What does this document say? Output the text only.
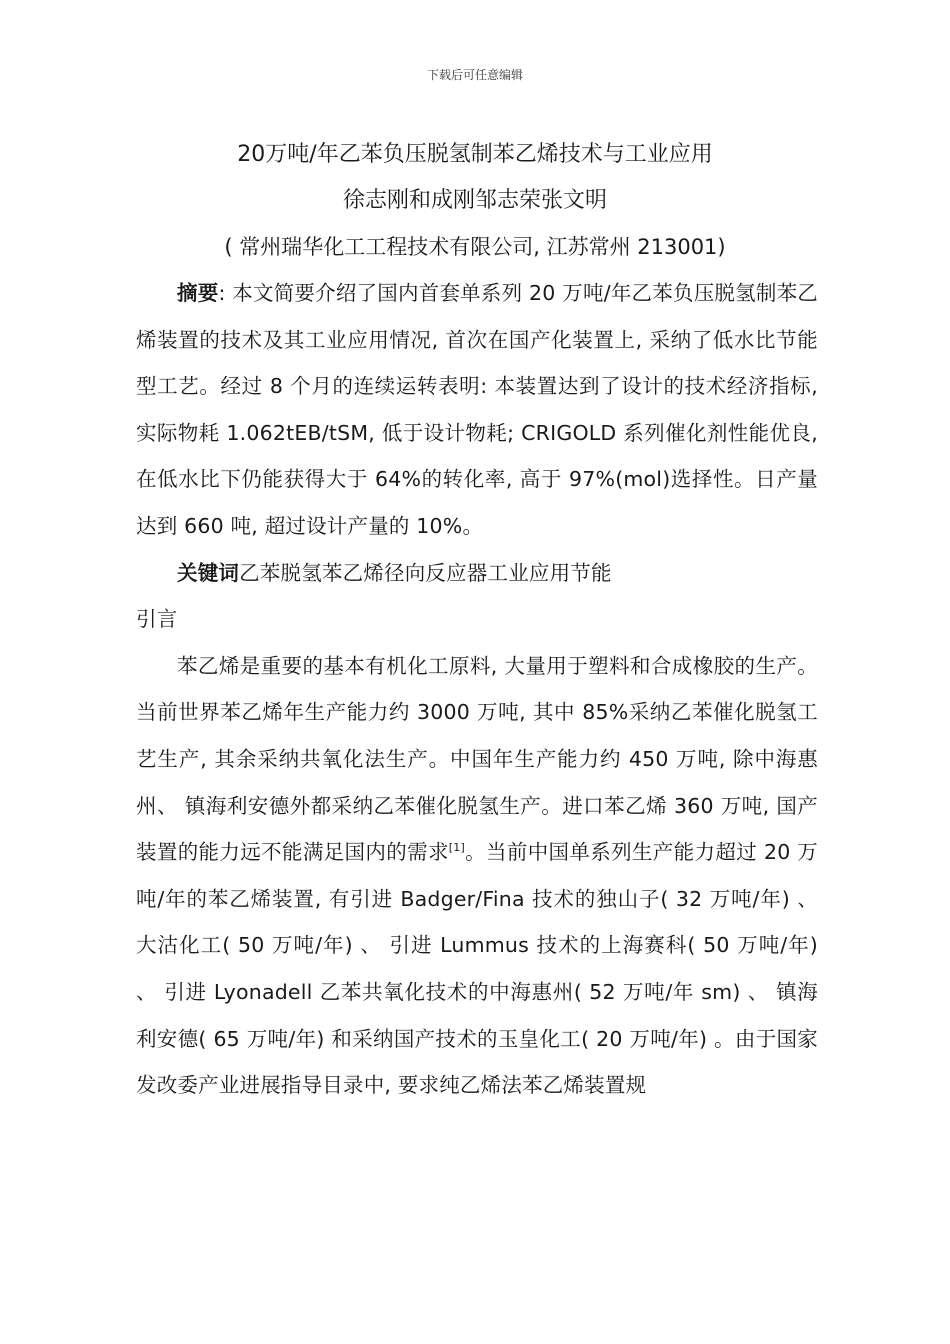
下载后可任意编辑

20万吨/年乙苯负压脱氢制苯乙烯技术与工业应用

徐志刚和成刚邹志荣张文明

( 常州瑞华化工工程技术有限公司, 江苏常州 213001)

摘要: 本文简要介绍了国内首套单系列 20 万吨/年乙苯负压脱氢制苯乙烯装置的技术及其工业应用情况, 首次在国产化装置上, 采纳了低水比节能型工艺。经过 8 个月的连续运转表明: 本装置达到了设计的技术经济指标, 实际物耗 1.062tEB/tSM, 低于设计物耗; CRIGOLD 系列催化剂性能优良, 在低水比下仍能获得大于 64%的转化率, 高于 97%(mol)选择性。日产量达到 660 吨, 超过设计产量的 10%。

关键词乙苯脱氢苯乙烯径向反应器工业应用节能

引言

苯乙烯是重要的基本有机化工原料, 大量用于塑料和合成橡胶的生产。当前世界苯乙烯年生产能力约 3000 万吨, 其中 85%采纳乙苯催化脱氢工艺生产, 其余采纳共氧化法生产。中国年生产能力约 450 万吨, 除中海惠州、 镇海利安德外都采纳乙苯催化脱氢生产。进口苯乙烯 360 万吨, 国产装置的能力远不能满足国内的需求[1]。当前中国单系列生产能力超过 20 万吨/年的苯乙烯装置, 有引进 Badger/Fina 技术的独山子( 32 万吨/年) 、 大沽化工( 50 万吨/年) 、 引进 Lummus 技术的上海赛科( 50 万吨/年) 、 引进 Lyonadell 乙苯共氧化技术的中海惠州( 52 万吨/年 sm) 、 镇海利安德( 65 万吨/年) 和采纳国产技术的玉皇化工( 20 万吨/年) 。由于国家发改委产业进展指导目录中, 要求纯乙烯法苯乙烯装置规
